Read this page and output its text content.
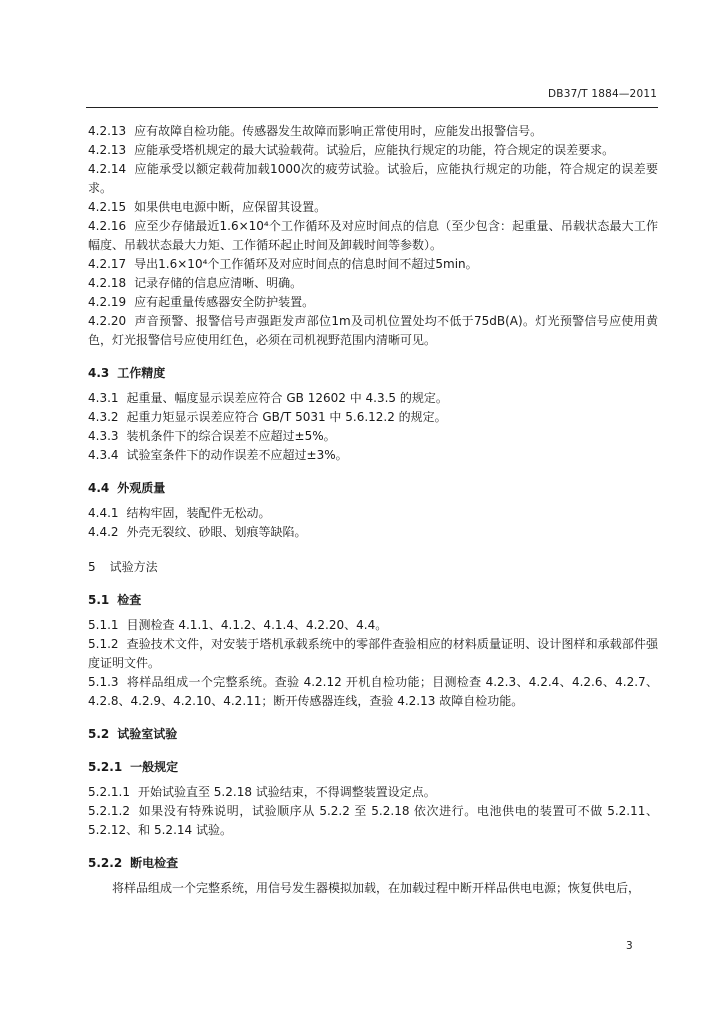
DB37/T 1884—2011
4.2.13 应有故障自检功能。传感器发生故障而影响正常使用时，应能发出报警信号。
4.2.13 应能承受塔机规定的最大试验载荷。试验后，应能执行规定的功能，符合规定的误差要求。
4.2.14 应能承受以额定载荷加载1000次的疲劳试验。试验后，应能执行规定的功能，符合规定的误差要求。
4.2.15 如果供电电源中断，应保留其设置。
4.2.16 应至少存储最近1.6×10⁴个工作循环及对应时间点的信息（至少包含：起重量、吊载状态最大工作幅度、吊载状态最大力矩、工作循环起止时间及卸载时间等参数）。
4.2.17 导出1.6×10⁴个工作循环及对应时间点的信息时间不超过5min。
4.2.18 记录存储的信息应清晰、明确。
4.2.19 应有起重量传感器安全防护装置。
4.2.20 声音预警、报警信号声强距发声部位1m及司机位置处均不低于75dB(A)。灯光预警信号应使用黄色，灯光报警信号应使用红色，必须在司机视野范围内清晰可见。
4.3 工作精度
4.3.1 起重量、幅度显示误差应符合 GB 12602 中 4.3.5 的规定。
4.3.2 起重力矩显示误差应符合 GB/T 5031 中 5.6.12.2 的规定。
4.3.3 装机条件下的综合误差不应超过±5%。
4.3.4 试验室条件下的动作误差不应超过±3%。
4.4 外观质量
4.4.1 结构牢固，装配件无松动。
4.4.2 外壳无裂纹、砂眼、划痕等缺陷。
5 试验方法
5.1 检查
5.1.1 目测检查 4.1.1、4.1.2、4.1.4、4.2.20、4.4。
5.1.2 查验技术文件，对安装于塔机承载系统中的零部件查验相应的材料质量证明、设计图样和承载部件强度证明文件。
5.1.3 将样品组成一个完整系统。查验 4.2.12 开机自检功能；目测检查 4.2.3、4.2.4、4.2.6、4.2.7、4.2.8、4.2.9、4.2.10、4.2.11；断开传感器连线，查验 4.2.13 故障自检功能。
5.2 试验室试验
5.2.1 一般规定
5.2.1.1 开始试验直至 5.2.18 试验结束，不得调整装置设定点。
5.2.1.2 如果没有特殊说明，试验顺序从 5.2.2 至 5.2.18 依次进行。电池供电的装置可不做 5.2.11、5.2.12、和 5.2.14 试验。
5.2.2 断电检查
将样品组成一个完整系统，用信号发生器模拟加载，在加载过程中断开样品供电电源；恢复供电后，
3
